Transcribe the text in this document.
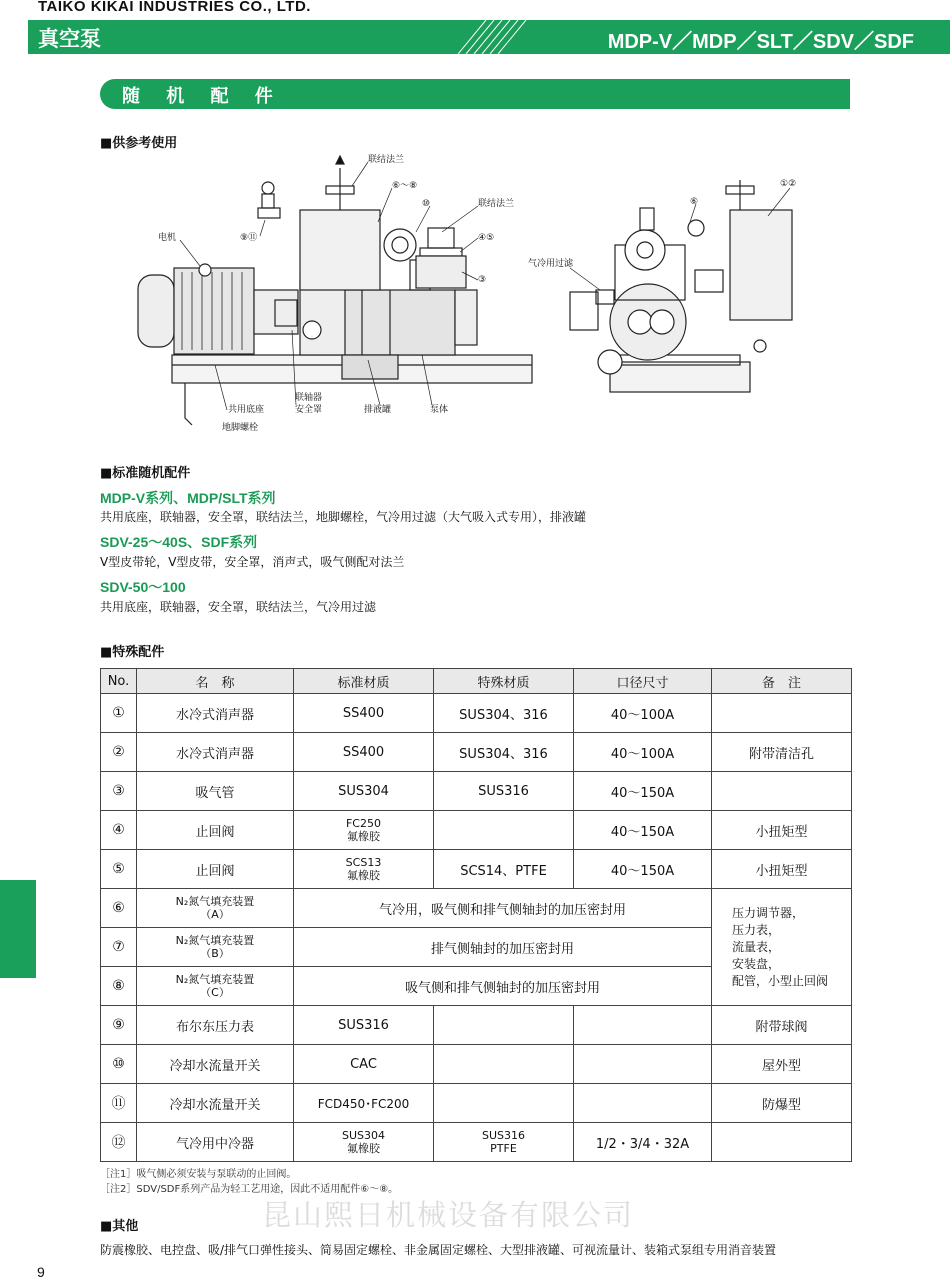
TAIKO KIKAI INDUSTRIES CO., LTD.
真空泵	MDP-V／MDP／SLT／SDV／SDF
随 机 配 件
■供参考使用
联结法兰
⑥〜⑧
⑨⑪
⑩	联结法兰
④⑤
电机
③
共用底座
联轴器
安全罩	排液罐	泵体
地脚螺栓
⑥
①②
气冷用过滤
■标准随机配件
MDP-V系列、MDP/SLT系列
共用底座，联轴器，安全罩，联结法兰，地脚螺栓，气冷用过滤（大气吸入式专用），排液罐
SDV-25〜40S、SDF系列
V型皮带轮，V型皮带，安全罩，消声式，吸气侧配对法兰
SDV-50〜100
共用底座，联轴器，安全罩，联结法兰，气冷用过滤
■特殊配件
No.	名　称	标准材质	特殊材质	口径尺寸	备　注
①	水冷式消声器	SS400	SUS304、316	40〜100A	
②	水冷式消声器	SS400	SUS304、316	40〜100A	附带清洁孔
③	吸气管	SUS304	SUS316	40〜150A	
④	止回阀	FC250
氟橡胶		40〜150A	小扭矩型
⑤	止回阀	SCS13
氟橡胶	SCS14、PTFE	40〜150A	小扭矩型
⑥	N₂氮气填充装置
（A）	气冷用，吸气侧和排气侧轴封的加压密封用			压力调节器，
压力表，
流量表，
安装盘，
配管，小型止回阀
⑦	N₂氮气填充装置
（B）	排气侧轴封的加压密封用			
⑧	N₂氮气填充装置
（C）	吸气侧和排气侧轴封的加压密封用			
⑨	布尔东压力表	SUS316			附带球阀
⑩	冷却水流量开关	CAC			屋外型
⑪	冷却水流量开关	FCD450･FC200			防爆型
⑫	气冷用中冷器	SUS304
氟橡胶	SUS316
PTFE	1/2・3/4・32A	
［注1］吸气侧必须安装与泵联动的止回阀。
［注2］SDV/SDF系列产品为轻工艺用途，因此不适用配件⑥〜⑧。
昆山熙日机械设备有限公司
■其他
防震橡胶、电控盘、吸/排气口弹性接头、简易固定螺栓、非金属固定螺栓、大型排液罐、可视流量计、装箱式泵组专用消音装置
9
